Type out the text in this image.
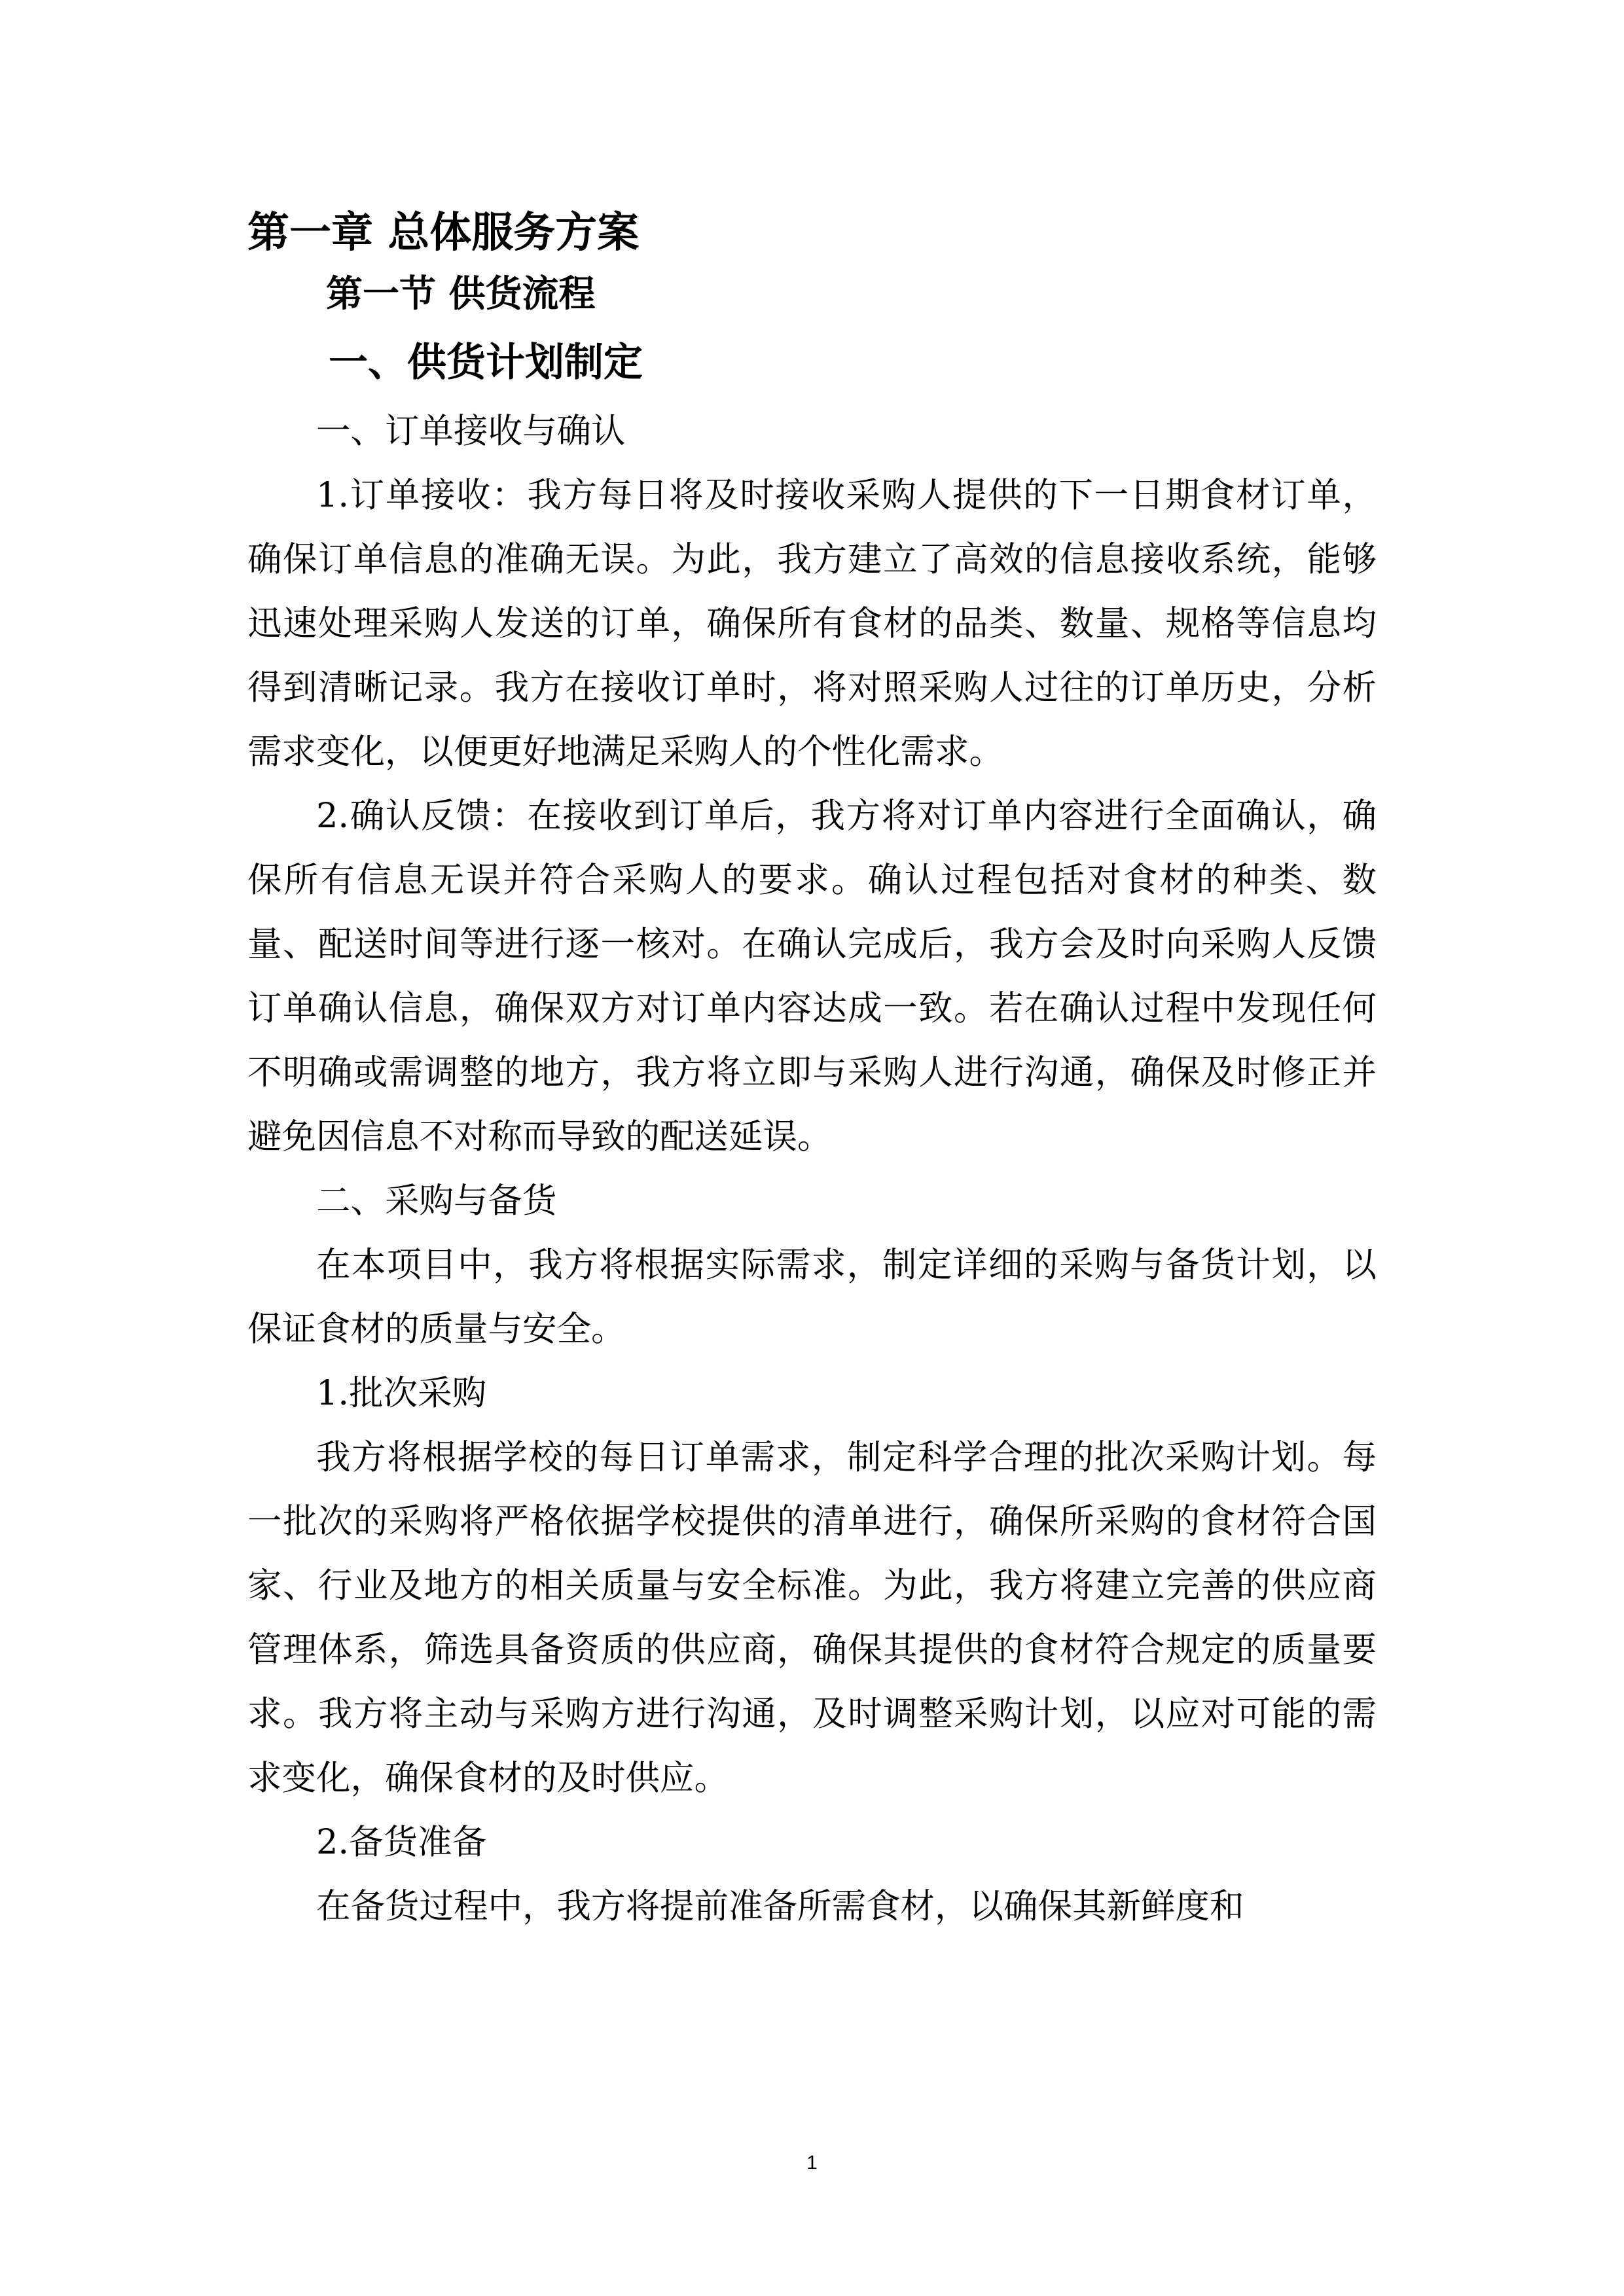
第一章 总体服务方案
第一节 供货流程
一、供货计划制定

一、订单接收与确认

1.订单接收：我方每日将及时接收采购人提供的下一日期食材订单，确保订单信息的准确无误。为此，我方建立了高效的信息接收系统，能够迅速处理采购人发送的订单，确保所有食材的品类、数量、规格等信息均得到清晰记录。我方在接收订单时，将对照采购人过往的订单历史，分析需求变化，以便更好地满足采购人的个性化需求。

2.确认反馈：在接收到订单后，我方将对订单内容进行全面确认，确保所有信息无误并符合采购人的要求。确认过程包括对食材的种类、数量、配送时间等进行逐一核对。在确认完成后，我方会及时向采购人反馈订单确认信息，确保双方对订单内容达成一致。若在确认过程中发现任何不明确或需调整的地方，我方将立即与采购人进行沟通，确保及时修正并避免因信息不对称而导致的配送延误。

二、采购与备货

在本项目中，我方将根据实际需求，制定详细的采购与备货计划，以保证食材的质量与安全。

1.批次采购

我方将根据学校的每日订单需求，制定科学合理的批次采购计划。每一批次的采购将严格依据学校提供的清单进行，确保所采购的食材符合国家、行业及地方的相关质量与安全标准。为此，我方将建立完善的供应商管理体系，筛选具备资质的供应商，确保其提供的食材符合规定的质量要求。我方将主动与采购方进行沟通，及时调整采购计划，以应对可能的需求变化，确保食材的及时供应。

2.备货准备

在备货过程中，我方将提前准备所需食材，以确保其新鲜度和

1
